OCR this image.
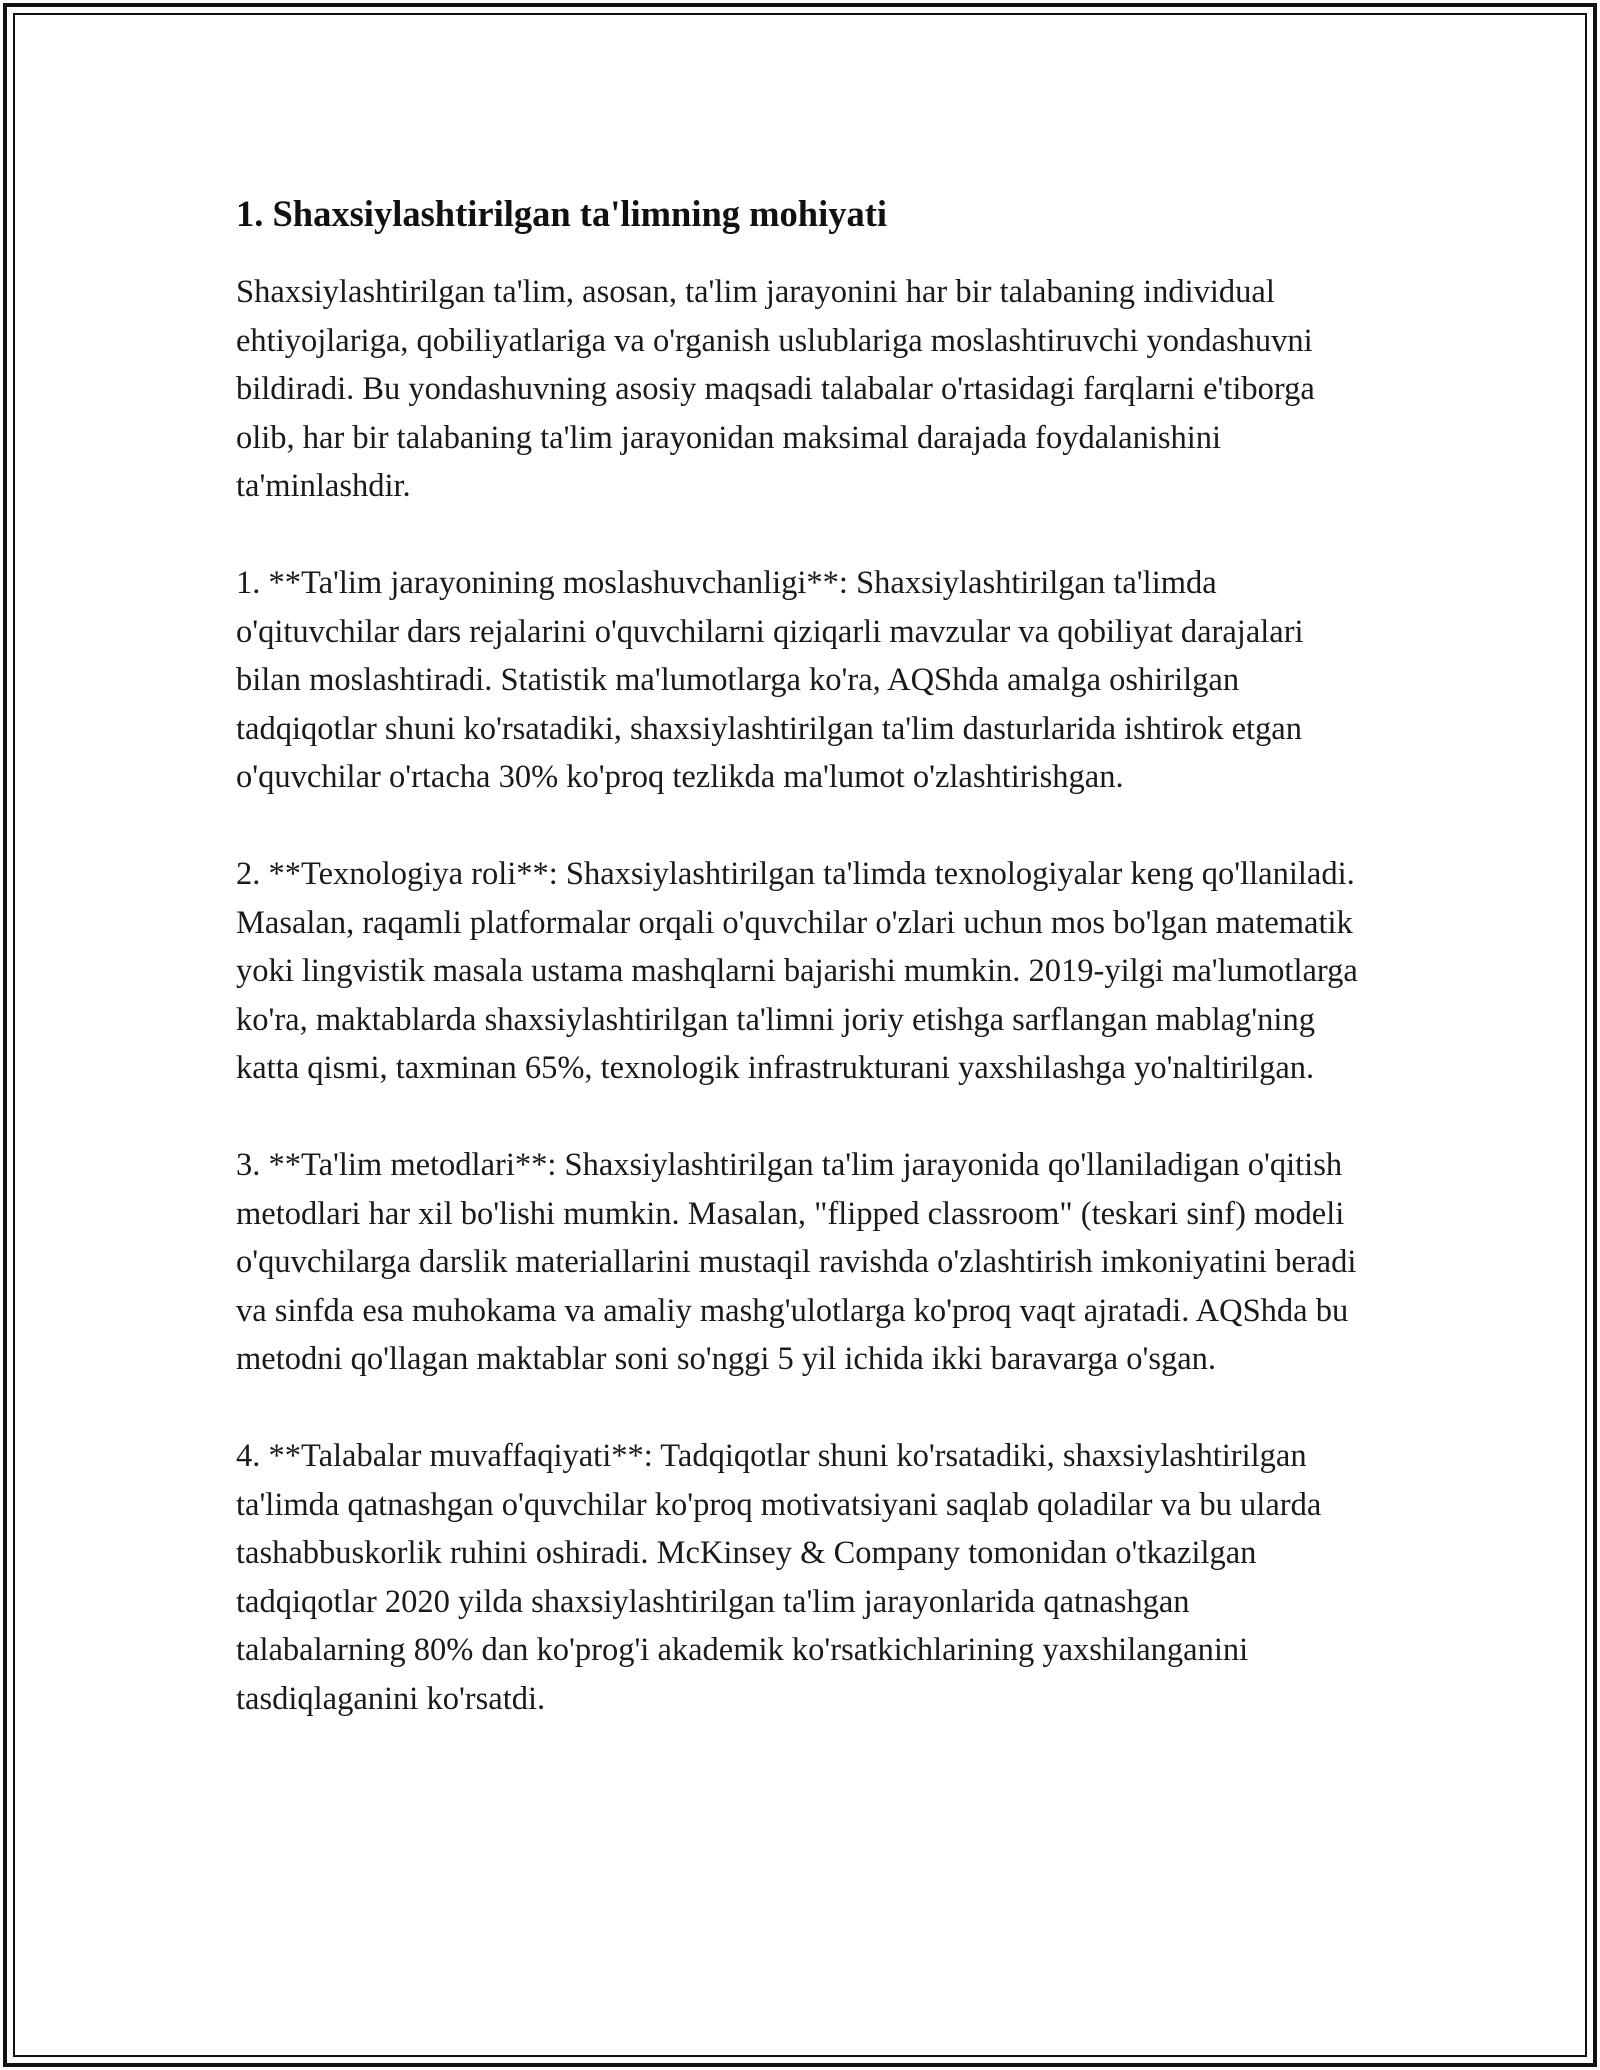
1. Shaxsiylashtirilgan ta'limning mohiyati

Shaxsiylashtirilgan ta'lim, asosan, ta'lim jarayonini har bir talabaning individual ehtiyojlariga, qobiliyatlariga va o'rganish uslublariga moslashtiruvchi yondashuvni bildiradi. Bu yondashuvning asosiy maqsadi talabalar o'rtasidagi farqlarni e'tiborga olib, har bir talabaning ta'lim jarayonidan maksimal darajada foydalanishini ta'minlashdir.

1. **Ta'lim jarayonining moslashuvchanligi**: Shaxsiylashtirilgan ta'limda o'qituvchilar dars rejalarini o'quvchilarni qiziqarli mavzular va qobiliyat darajalari bilan moslashtiradi. Statistik ma'lumotlarga ko'ra, AQShda amalga oshirilgan tadqiqotlar shuni ko'rsatadiki, shaxsiylashtirilgan ta'lim dasturlarida ishtirok etgan o'quvchilar o'rtacha 30% ko'proq tezlikda ma'lumot o'zlashtirishgan.

2. **Texnologiya roli**: Shaxsiylashtirilgan ta'limda texnologiyalar keng qo'llaniladi. Masalan, raqamli platformalar orqali o'quvchilar o'zlari uchun mos bo'lgan matematik yoki lingvistik masala ustama mashqlarni bajarishi mumkin. 2019-yilgi ma'lumotlarga ko'ra, maktablarda shaxsiylashtirilgan ta'limni joriy etishga sarflangan mablag'ning katta qismi, taxminan 65%, texnologik infrastrukturani yaxshilashga yo'naltirilgan.

3. **Ta'lim metodlari**: Shaxsiylashtirilgan ta'lim jarayonida qo'llaniladigan o'qitish metodlari har xil bo'lishi mumkin. Masalan, "flipped classroom" (teskari sinf) modeli o'quvchilarga darslik materiallarini mustaqil ravishda o'zlashtirish imkoniyatini beradi va sinfda esa muhokama va amaliy mashg'ulotlarga ko'proq vaqt ajratadi. AQShda bu metodni qo'llagan maktablar soni so'nggi 5 yil ichida ikki baravarga o'sgan.

4. **Talabalar muvaffaqiyati**: Tadqiqotlar shuni ko'rsatadiki, shaxsiylashtirilgan ta'limda qatnashgan o'quvchilar ko'proq motivatsiyani saqlab qoladilar va bu ularda tashabbuskorlik ruhini oshiradi. McKinsey & Company tomonidan o'tkazilgan tadqiqotlar 2020 yilda shaxsiylashtirilgan ta'lim jarayonlarida qatnashgan talabalarning 80% dan ko'prog'i akademik ko'rsatkichlarining yaxshilanganini tasdiqlaganini ko'rsatdi.
